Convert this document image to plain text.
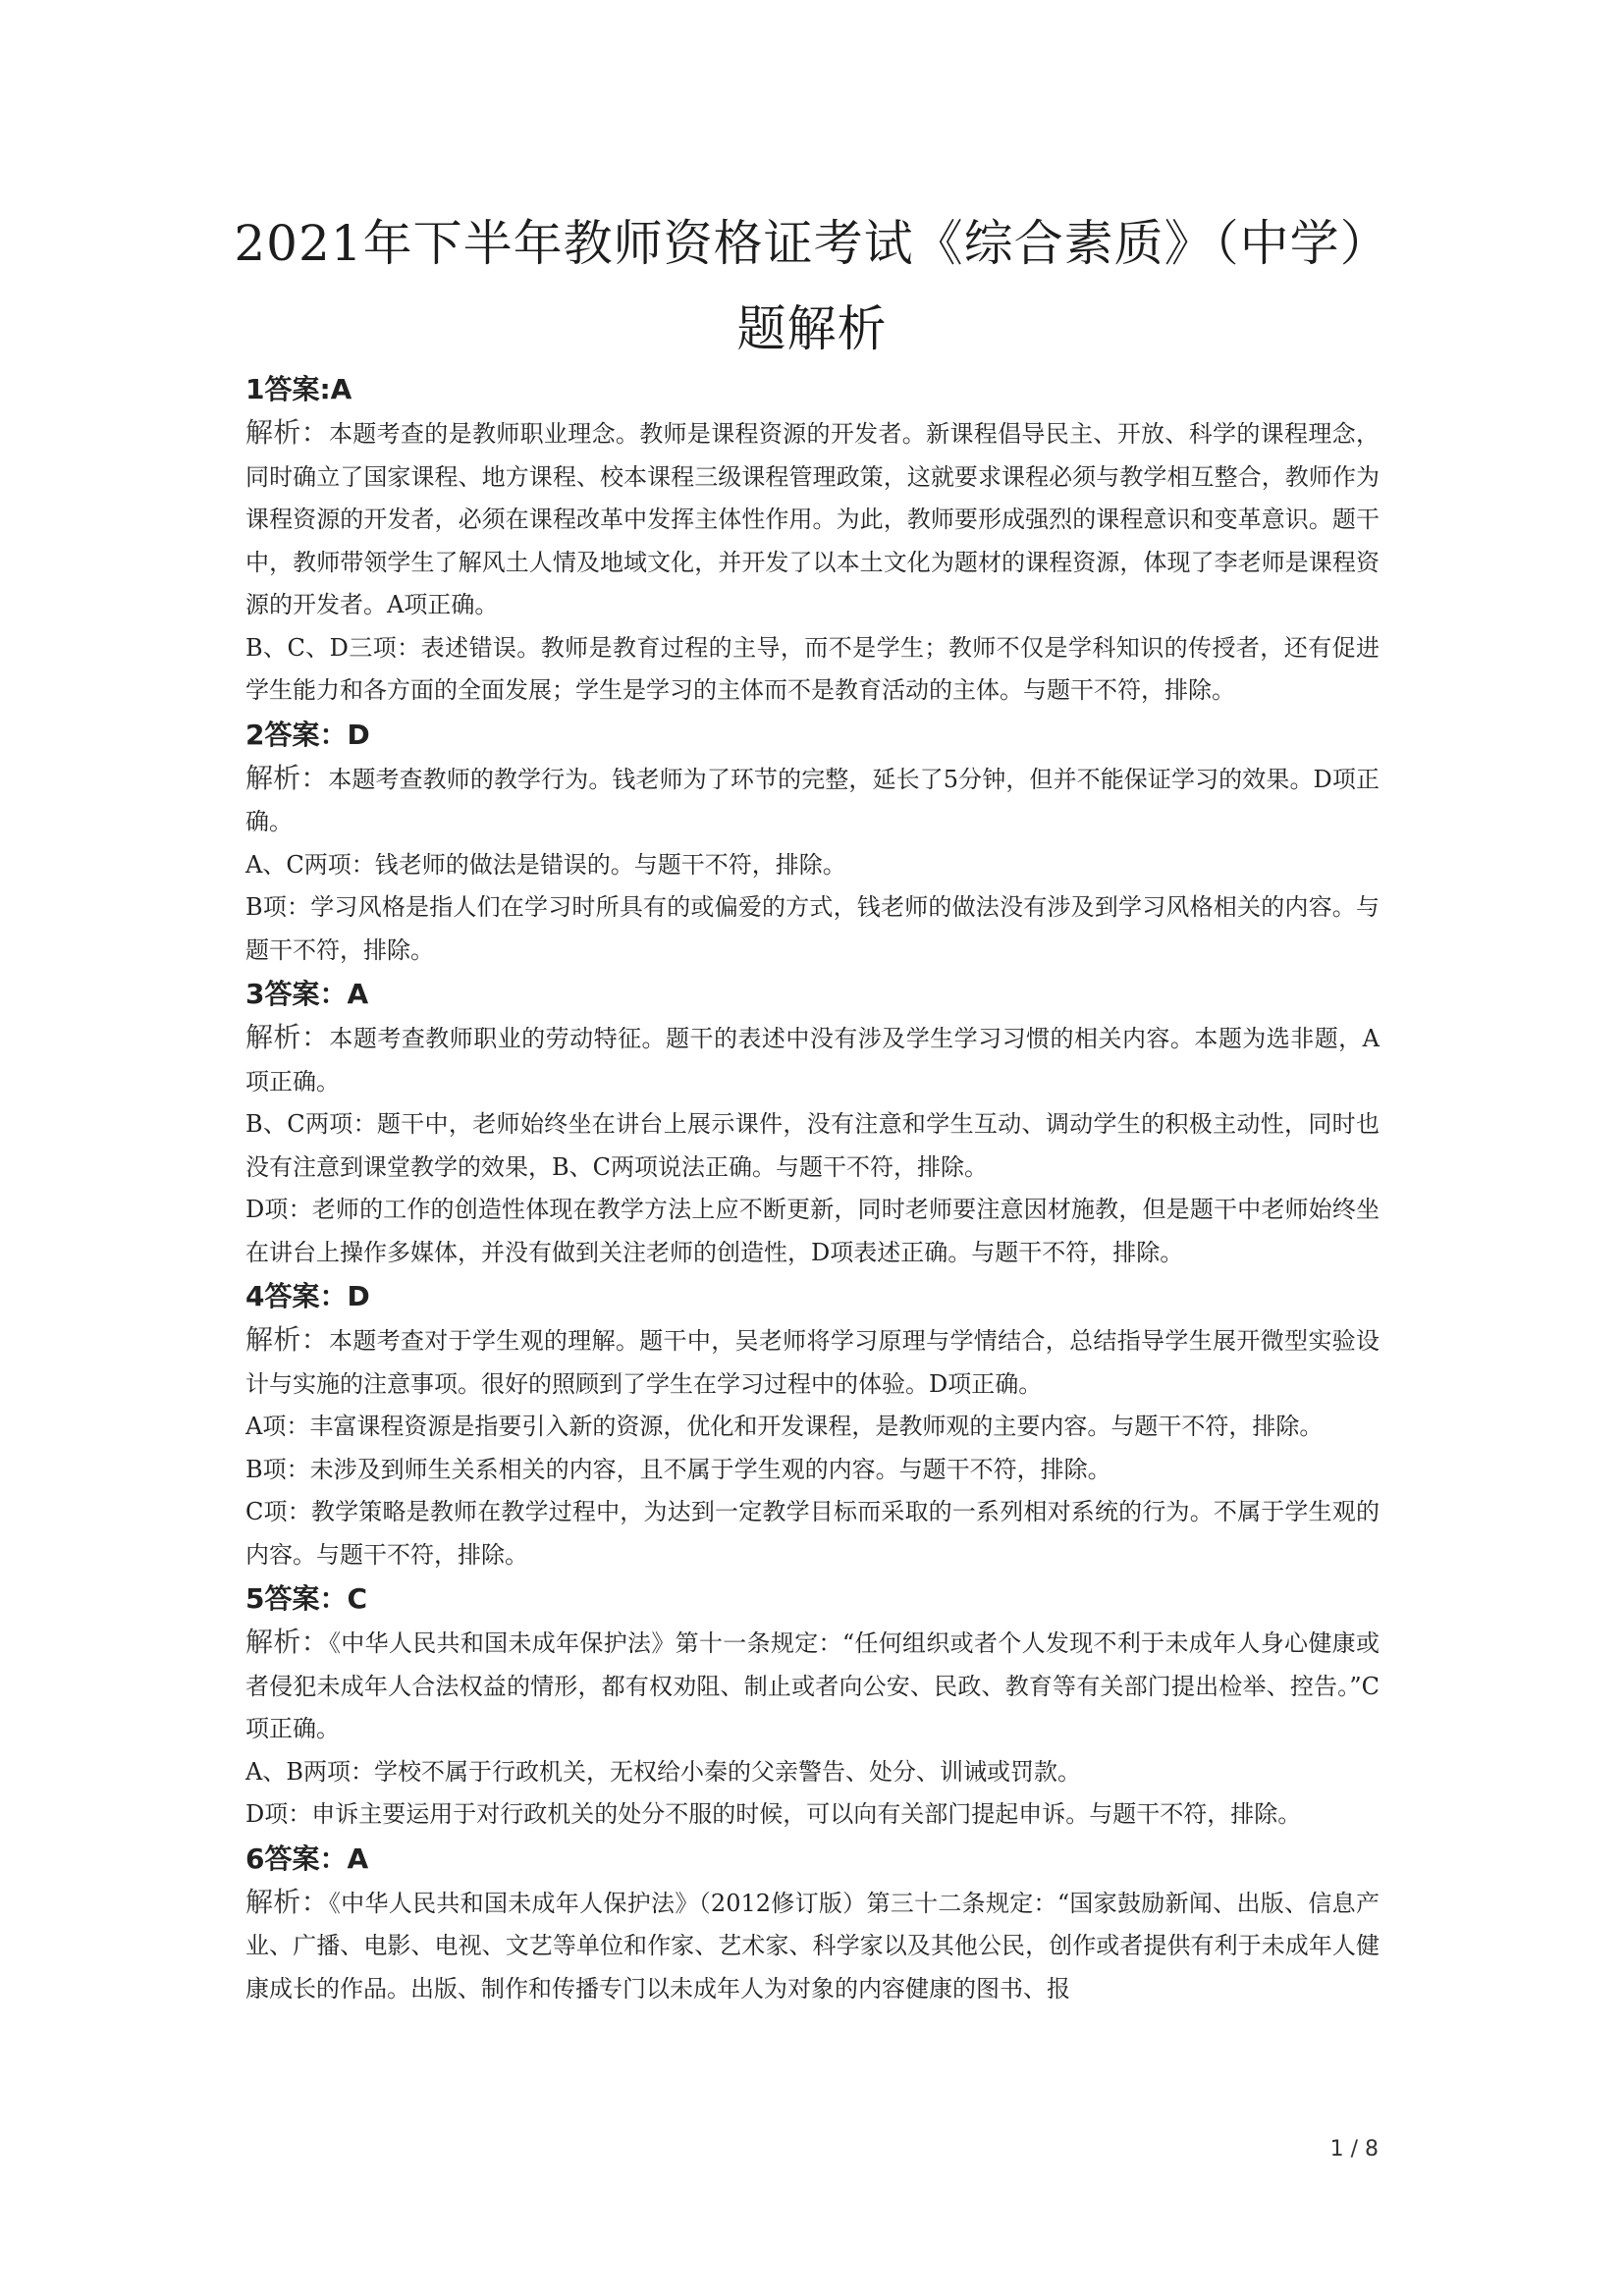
2021年下半年教师资格证考试《综合素质》（中学）
题解析
1答案:A
解析：本题考查的是教师职业理念。教师是课程资源的开发者。新课程倡导民主、开放、科学的课程理念，同时确立了国家课程、地方课程、校本课程三级课程管理政策，这就要求课程必须与教学相互整合，教师作为课程资源的开发者，必须在课程改革中发挥主体性作用。为此，教师要形成强烈的课程意识和变革意识。题干中，教师带领学生了解风土人情及地域文化，并开发了以本土文化为题材的课程资源，体现了李老师是课程资源的开发者。A项正确。
B、C、D三项：表述错误。教师是教育过程的主导，而不是学生；教师不仅是学科知识的传授者，还有促进学生能力和各方面的全面发展；学生是学习的主体而不是教育活动的主体。与题干不符，排除。
2答案：D
解析：本题考查教师的教学行为。钱老师为了环节的完整，延长了5分钟，但并不能保证学习的效果。D项正确。
A、C两项：钱老师的做法是错误的。与题干不符，排除。
B项：学习风格是指人们在学习时所具有的或偏爱的方式，钱老师的做法没有涉及到学习风格相关的内容。与题干不符，排除。
3答案：A
解析：本题考查教师职业的劳动特征。题干的表述中没有涉及学生学习习惯的相关内容。本题为选非题，A项正确。
B、C两项：题干中，老师始终坐在讲台上展示课件，没有注意和学生互动、调动学生的积极主动性，同时也没有注意到课堂教学的效果，B、C两项说法正确。与题干不符，排除。
D项：老师的工作的创造性体现在教学方法上应不断更新，同时老师要注意因材施教，但是题干中老师始终坐在讲台上操作多媒体，并没有做到关注老师的创造性，D项表述正确。与题干不符，排除。
4答案：D
解析：本题考查对于学生观的理解。题干中，吴老师将学习原理与学情结合，总结指导学生展开微型实验设计与实施的注意事项。很好的照顾到了学生在学习过程中的体验。D项正确。
A项：丰富课程资源是指要引入新的资源，优化和开发课程，是教师观的主要内容。与题干不符，排除。
B项：未涉及到师生关系相关的内容，且不属于学生观的内容。与题干不符，排除。
C项：教学策略是教师在教学过程中，为达到一定教学目标而采取的一系列相对系统的行为。不属于学生观的内容。与题干不符，排除。
5答案：C
解析：《中华人民共和国未成年保护法》第十一条规定：“任何组织或者个人发现不利于未成年人身心健康或者侵犯未成年人合法权益的情形，都有权劝阻、制止或者向公安、民政、教育等有关部门提出检举、控告。”C项正确。
A、B两项：学校不属于行政机关，无权给小秦的父亲警告、处分、训诫或罚款。
D项：申诉主要运用于对行政机关的处分不服的时候，可以向有关部门提起申诉。与题干不符，排除。
6答案：A
解析：《中华人民共和国未成年人保护法》（2012修订版）第三十二条规定：“国家鼓励新闻、出版、信息产业、广播、电影、电视、文艺等单位和作家、艺术家、科学家以及其他公民，创作或者提供有利于未成年人健康成长的作品。出版、制作和传播专门以未成年人为对象的内容健康的图书、报
1 / 8
